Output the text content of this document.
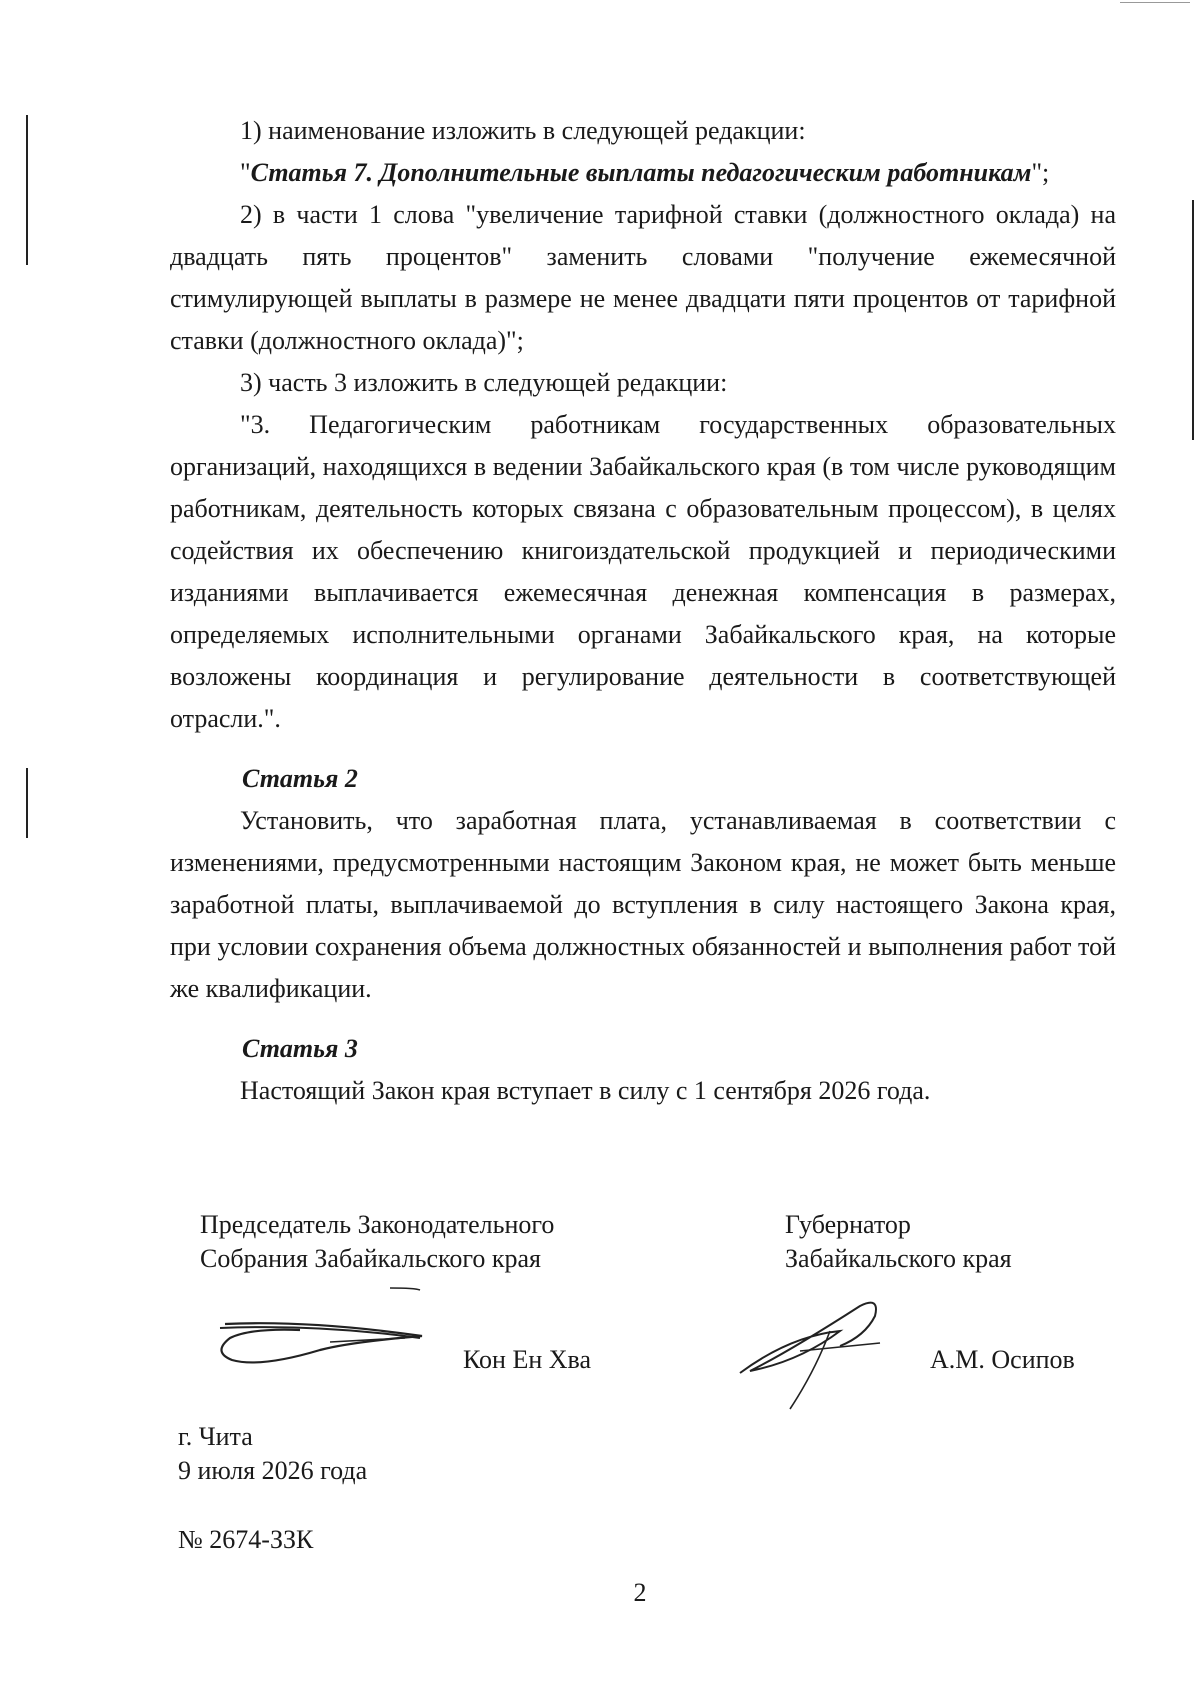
1) наименование изложить в следующей редакции:

"Статья 7. Дополнительные выплаты педагогическим работникам";

2) в части 1 слова "увеличение тарифной ставки (должностного оклада) на двадцать пять процентов" заменить словами "получение ежемесячной стимулирующей выплаты в размере не менее двадцати пяти процентов от тарифной ставки (должностного оклада)";

3) часть 3 изложить в следующей редакции:

"3. Педагогическим работникам государственных образовательных организаций, находящихся в ведении Забайкальского края (в том числе руководящим работникам, деятельность которых связана с образовательным процессом), в целях содействия их обеспечению книгоиздательской продукцией и периодическими изданиями выплачивается ежемесячная денежная компенсация в размерах, определяемых исполнительными органами Забайкальского края, на которые возложены координация и регулирование деятельности в соответствующей отрасли.".

Статья 2

Установить, что заработная плата, устанавливаемая в соответствии с изменениями, предусмотренными настоящим Законом края, не может быть меньше заработной платы, выплачиваемой до вступления в силу настоящего Закона края, при условии сохранения объема должностных обязанностей и выполнения работ той же квалификации.

Статья 3

Настоящий Закон края вступает в силу с 1 сентября 2026 года.

Председатель Законодательного
Собрания Забайкальского края
Губернатор
Забайкальского края
Кон Ен Хва	А.М. Осипов
г. Чита
9 июля 2026 года
№ 2674-ЗЗК
2
